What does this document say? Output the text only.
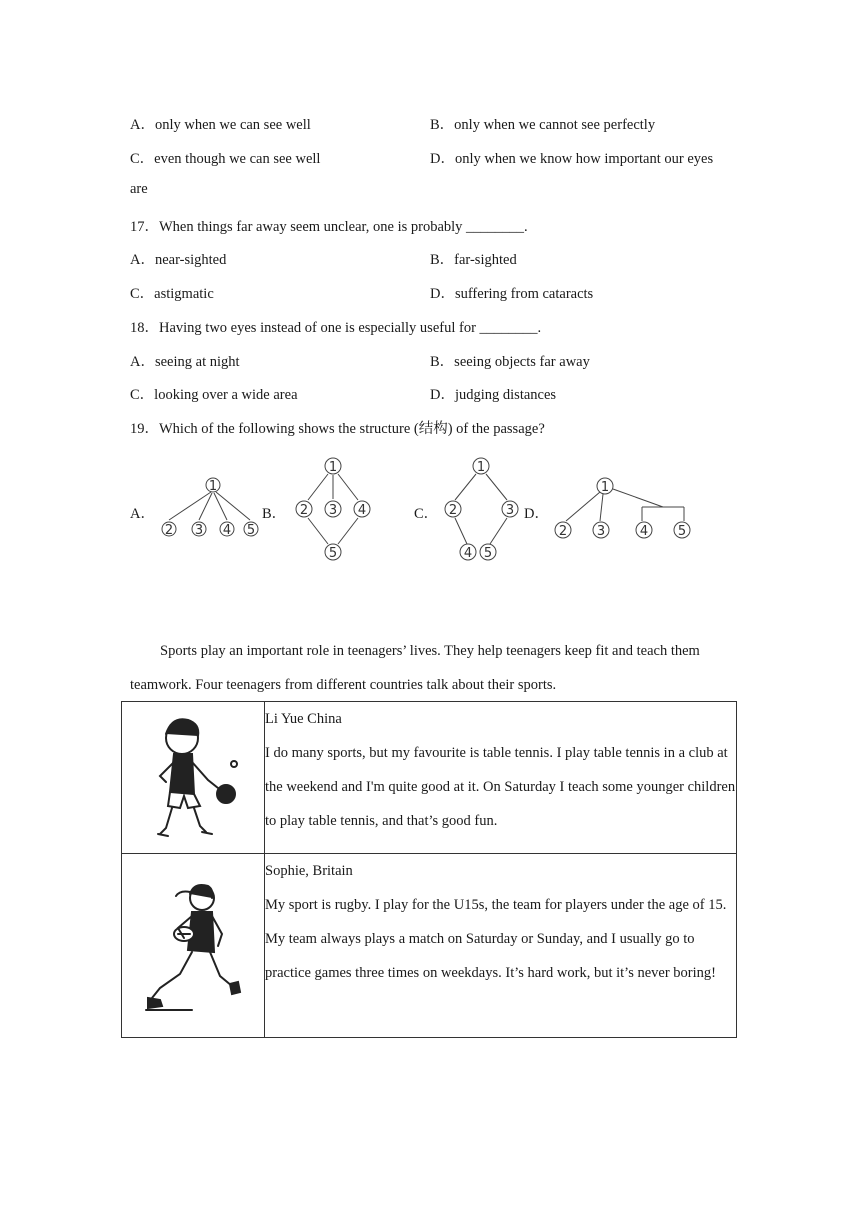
A．only when we can see well	B．only when we cannot see perfectly
C．even though we can see well	D．only when we know how important our eyes
are
17．When things far away seem unclear, one is probably ________.
A．near-sighted	B．far-sighted
C．astigmatic	D．suffering from cataracts
18．Having two eyes instead of one is especially useful for ________.
A．seeing at night	B．seeing objects far away
C．looking over a wide area	D．judging distances
19．Which of the following shows the structure (结构) of the passage?
A．	B．	C．	D．
1
2 3 4 5
1
2 3 4
5
1
2	3
4 5
1
2 3	4 5
Sports play an important role in teenagers’ lives. They help teenagers keep fit and teach them teamwork. Four teenagers from different countries talk about their sports.

Li Yue China
I do many sports, but my favourite is table tennis. I play table tennis in a club at the weekend and I'm quite good at it. On Saturday I teach some younger children to play table tennis, and that’s good fun.

Sophie, Britain
My sport is rugby. I play for the U15s, the team for players under the age of 15. My team always plays a match on Saturday or Sunday, and I usually go to practice games three times on weekdays. It’s hard work, but it’s never boring!
